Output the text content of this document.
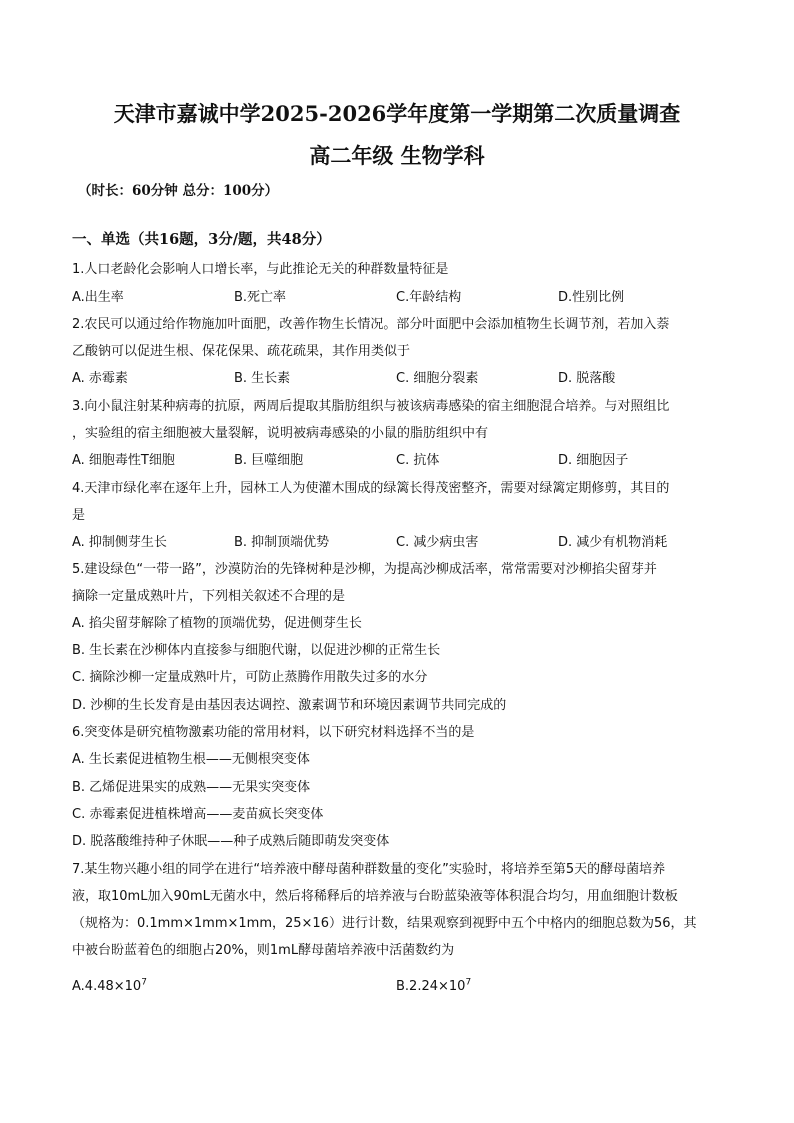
天津市嘉诚中学2025-2026学年度第一学期第二次质量调查
高二年级 生物学科
（时长：60分钟 总分：100分）
一、单选（共16题，3分/题，共48分）
1.人口老龄化会影响人口增长率，与此推论无关的种群数量特征是
A.出生率	B.死亡率	C.年龄结构	D.性别比例
2.农民可以通过给作物施加叶面肥，改善作物生长情况。部分叶面肥中会添加植物生长调节剂，若加入萘
乙酸钠可以促进生根、保花保果、疏花疏果，其作用类似于
A. 赤霉素	B. 生长素	C. 细胞分裂素	D. 脱落酸
3.向小鼠注射某种病毒的抗原，两周后提取其脂肪组织与被该病毒感染的宿主细胞混合培养。与对照组比
，实验组的宿主细胞被大量裂解，说明被病毒感染的小鼠的脂肪组织中有
A. 细胞毒性T细胞	B. 巨噬细胞	C. 抗体	D. 细胞因子
4.天津市绿化率在逐年上升，园林工人为使灌木围成的绿篱长得茂密整齐，需要对绿篱定期修剪，其目的
是
A. 抑制侧芽生长	B. 抑制顶端优势	C. 减少病虫害	D. 减少有机物消耗
5.建设绿色“一带一路”，沙漠防治的先锋树种是沙柳，为提高沙柳成活率，常常需要对沙柳掐尖留芽并
摘除一定量成熟叶片，下列相关叙述不合理的是
A. 掐尖留芽解除了植物的顶端优势，促进侧芽生长
B. 生长素在沙柳体内直接参与细胞代谢，以促进沙柳的正常生长
C. 摘除沙柳一定量成熟叶片，可防止蒸腾作用散失过多的水分
D. 沙柳的生长发育是由基因表达调控、激素调节和环境因素调节共同完成的
6.突变体是研究植物激素功能的常用材料，以下研究材料选择不当的是
A. 生长素促进植物生根——无侧根突变体
B. 乙烯促进果实的成熟——无果实突变体
C. 赤霉素促进植株增高——麦苗疯长突变体
D. 脱落酸维持种子休眠——种子成熟后随即萌发突变体
7.某生物兴趣小组的同学在进行“培养液中酵母菌种群数量的变化”实验时，将培养至第5天的酵母菌培养
液，取10mL加入90mL无菌水中，然后将稀释后的培养液与台盼蓝染液等体积混合均匀，用血细胞计数板
（规格为：0.1mm×1mm×1mm，25×16）进行计数，结果观察到视野中五个中格内的细胞总数为56，其
中被台盼蓝着色的细胞占20%，则1mL酵母菌培养液中活菌数约为
$A.4.48\times 10^7$	$B.2.24\times 10^7$
